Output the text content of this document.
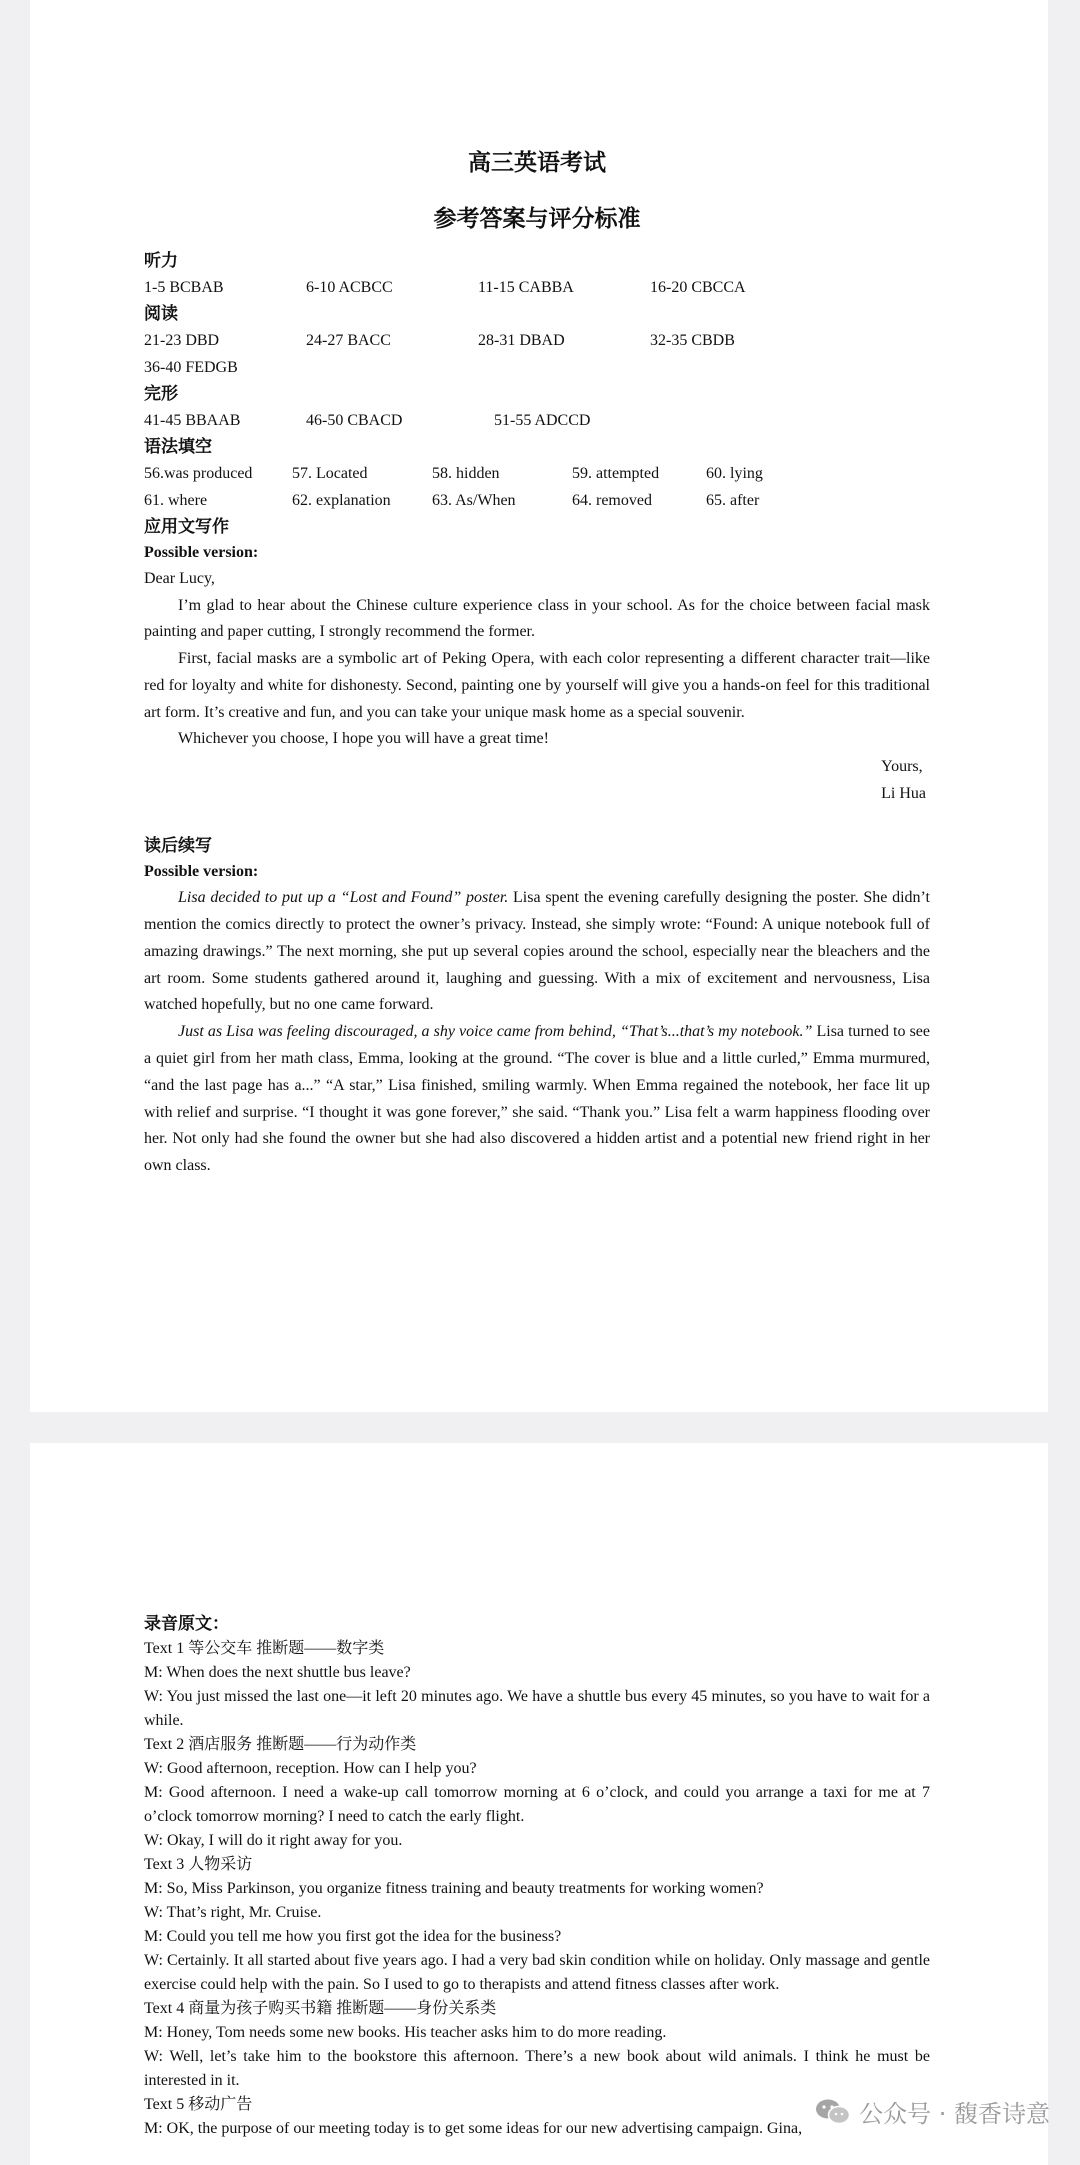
高三英语考试

参考答案与评分标准

听力
1-5 BCBAB	6-10 ACBCC	11-15 CABBA	16-20 CBCCA
阅读
21-23 DBD	24-27 BACC	28-31 DBAD	32-35 CBDB
36-40 FEDGB
完形
41-45 BBAAB	46-50 CBACD	51-55 ADCCD
语法填空
56.was produced	57. Located	58. hidden	59. attempted	60. lying
61. where	62. explanation	63. As/When	64. removed	65. after
应用文写作
Possible version:
Dear Lucy,

I’m glad to hear about the Chinese culture experience class in your school. As for the choice between facial mask painting and paper cutting, I strongly recommend the former.

First, facial masks are a symbolic art of Peking Opera, with each color representing a different character trait—like red for loyalty and white for dishonesty. Second, painting one by yourself will give you a hands-on feel for this traditional art form. It’s creative and fun, and you can take your unique mask home as a special souvenir.

Whichever you choose, I hope you will have a great time!

Yours,
Li Hua
读后续写
Possible version:

Lisa decided to put up a “Lost and Found” poster. Lisa spent the evening carefully designing the poster. She didn’t mention the comics directly to protect the owner’s privacy. Instead, she simply wrote: “Found: A unique notebook full of amazing drawings.” The next morning, she put up several copies around the school, especially near the bleachers and the art room. Some students gathered around it, laughing and guessing. With a mix of excitement and nervousness, Lisa watched hopefully, but no one came forward.

Just as Lisa was feeling discouraged, a shy voice came from behind, “That’s...that’s my notebook.” Lisa turned to see a quiet girl from her math class, Emma, looking at the ground. “The cover is blue and a little curled,” Emma murmured, “and the last page has a...” “A star,” Lisa finished, smiling warmly. When Emma regained the notebook, her face lit up with relief and surprise. “I thought it was gone forever,” she said. “Thank you.” Lisa felt a warm happiness flooding over her. Not only had she found the owner but she had also discovered a hidden artist and a potential new friend right in her own class.

录音原文：
Text 1 等公交车 推断题——数字类
M: When does the next shuttle bus leave?
W: You just missed the last one—it left 20 minutes ago. We have a shuttle bus every 45 minutes, so you have to wait for a while.
Text 2 酒店服务 推断题——行为动作类
W: Good afternoon, reception. How can I help you?
M: Good afternoon. I need a wake-up call tomorrow morning at 6 o’clock, and could you arrange a taxi for me at 7 o’clock tomorrow morning? I need to catch the early flight.
W: Okay, I will do it right away for you.
Text 3 人物采访
M: So, Miss Parkinson, you organize fitness training and beauty treatments for working women?
W: That’s right, Mr. Cruise.
M: Could you tell me how you first got the idea for the business?
W: Certainly. It all started about five years ago. I had a very bad skin condition while on holiday. Only massage and gentle exercise could help with the pain. So I used to go to therapists and attend fitness classes after work.
Text 4 商量为孩子购买书籍 推断题——身份关系类
M: Honey, Tom needs some new books. His teacher asks him to do more reading.
W: Well, let’s take him to the bookstore this afternoon. There’s a new book about wild animals. I think he must be interested in it.
Text 5 移动广告
M: OK, the purpose of our meeting today is to get some ideas for our new advertising campaign. Gina,
公众号 · 馥香诗意
